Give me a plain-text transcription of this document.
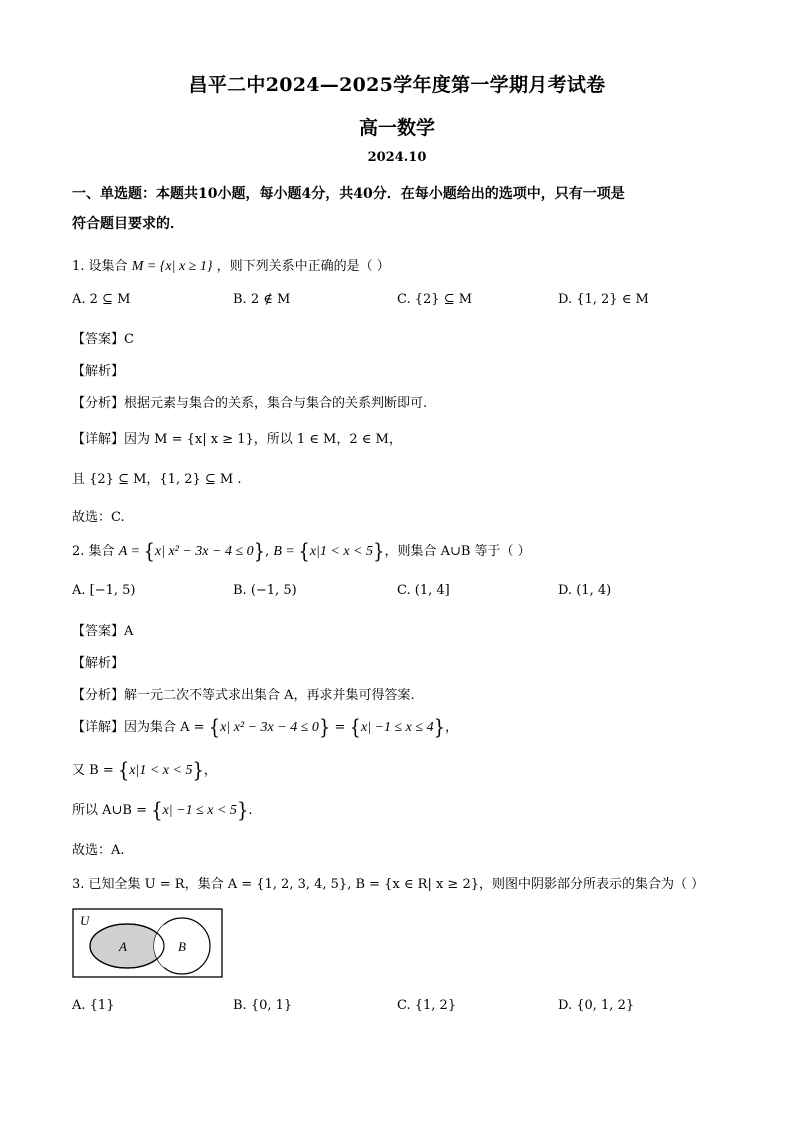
昌平二中2024—2025学年度第一学期月考试卷
高一数学
2024.10
一、单选题：本题共10小题，每小题4分，共40分．在每小题给出的选项中，只有一项是
符合题目要求的．
1. 设集合 M = {x| x ≥ 1} ，则下列关系中正确的是（ ）
A. 2 ⊆ M	B. 2 ∉ M	C. {2} ⊆ M	D. {1, 2} ∈ M
【答案】C
【解析】
【分析】根据元素与集合的关系，集合与集合的关系判断即可.
【详解】因为 M = {x| x ≥ 1}，所以 1 ∈ M，2 ∈ M，
且 {2} ⊆ M，{1, 2} ⊆ M .
故选：C.
2. 集合 A = {x| x² − 3x − 4 ≤ 0}, B = {x|1 < x < 5}，则集合 A∪B 等于（ ）
A. [−1, 5)	B. (−1, 5)	C. (1, 4]	D. (1, 4)
【答案】A
【解析】
【分析】解一元二次不等式求出集合 A，再求并集可得答案.
【详解】因为集合 A = {x| x² − 3x − 4 ≤ 0} = {x| −1 ≤ x ≤ 4}，
又 B = {x|1 < x < 5}，
所以 A∪B = {x| −1 ≤ x < 5}.
故选：A.
3. 已知全集 U = R，集合 A = {1, 2, 3, 4, 5}, B = {x ∈ R| x ≥ 2}，则图中阴影部分所表示的集合为（ ）
U
A	B
A. {1}	B. {0, 1}	C. {1, 2}	D. {0, 1, 2}
